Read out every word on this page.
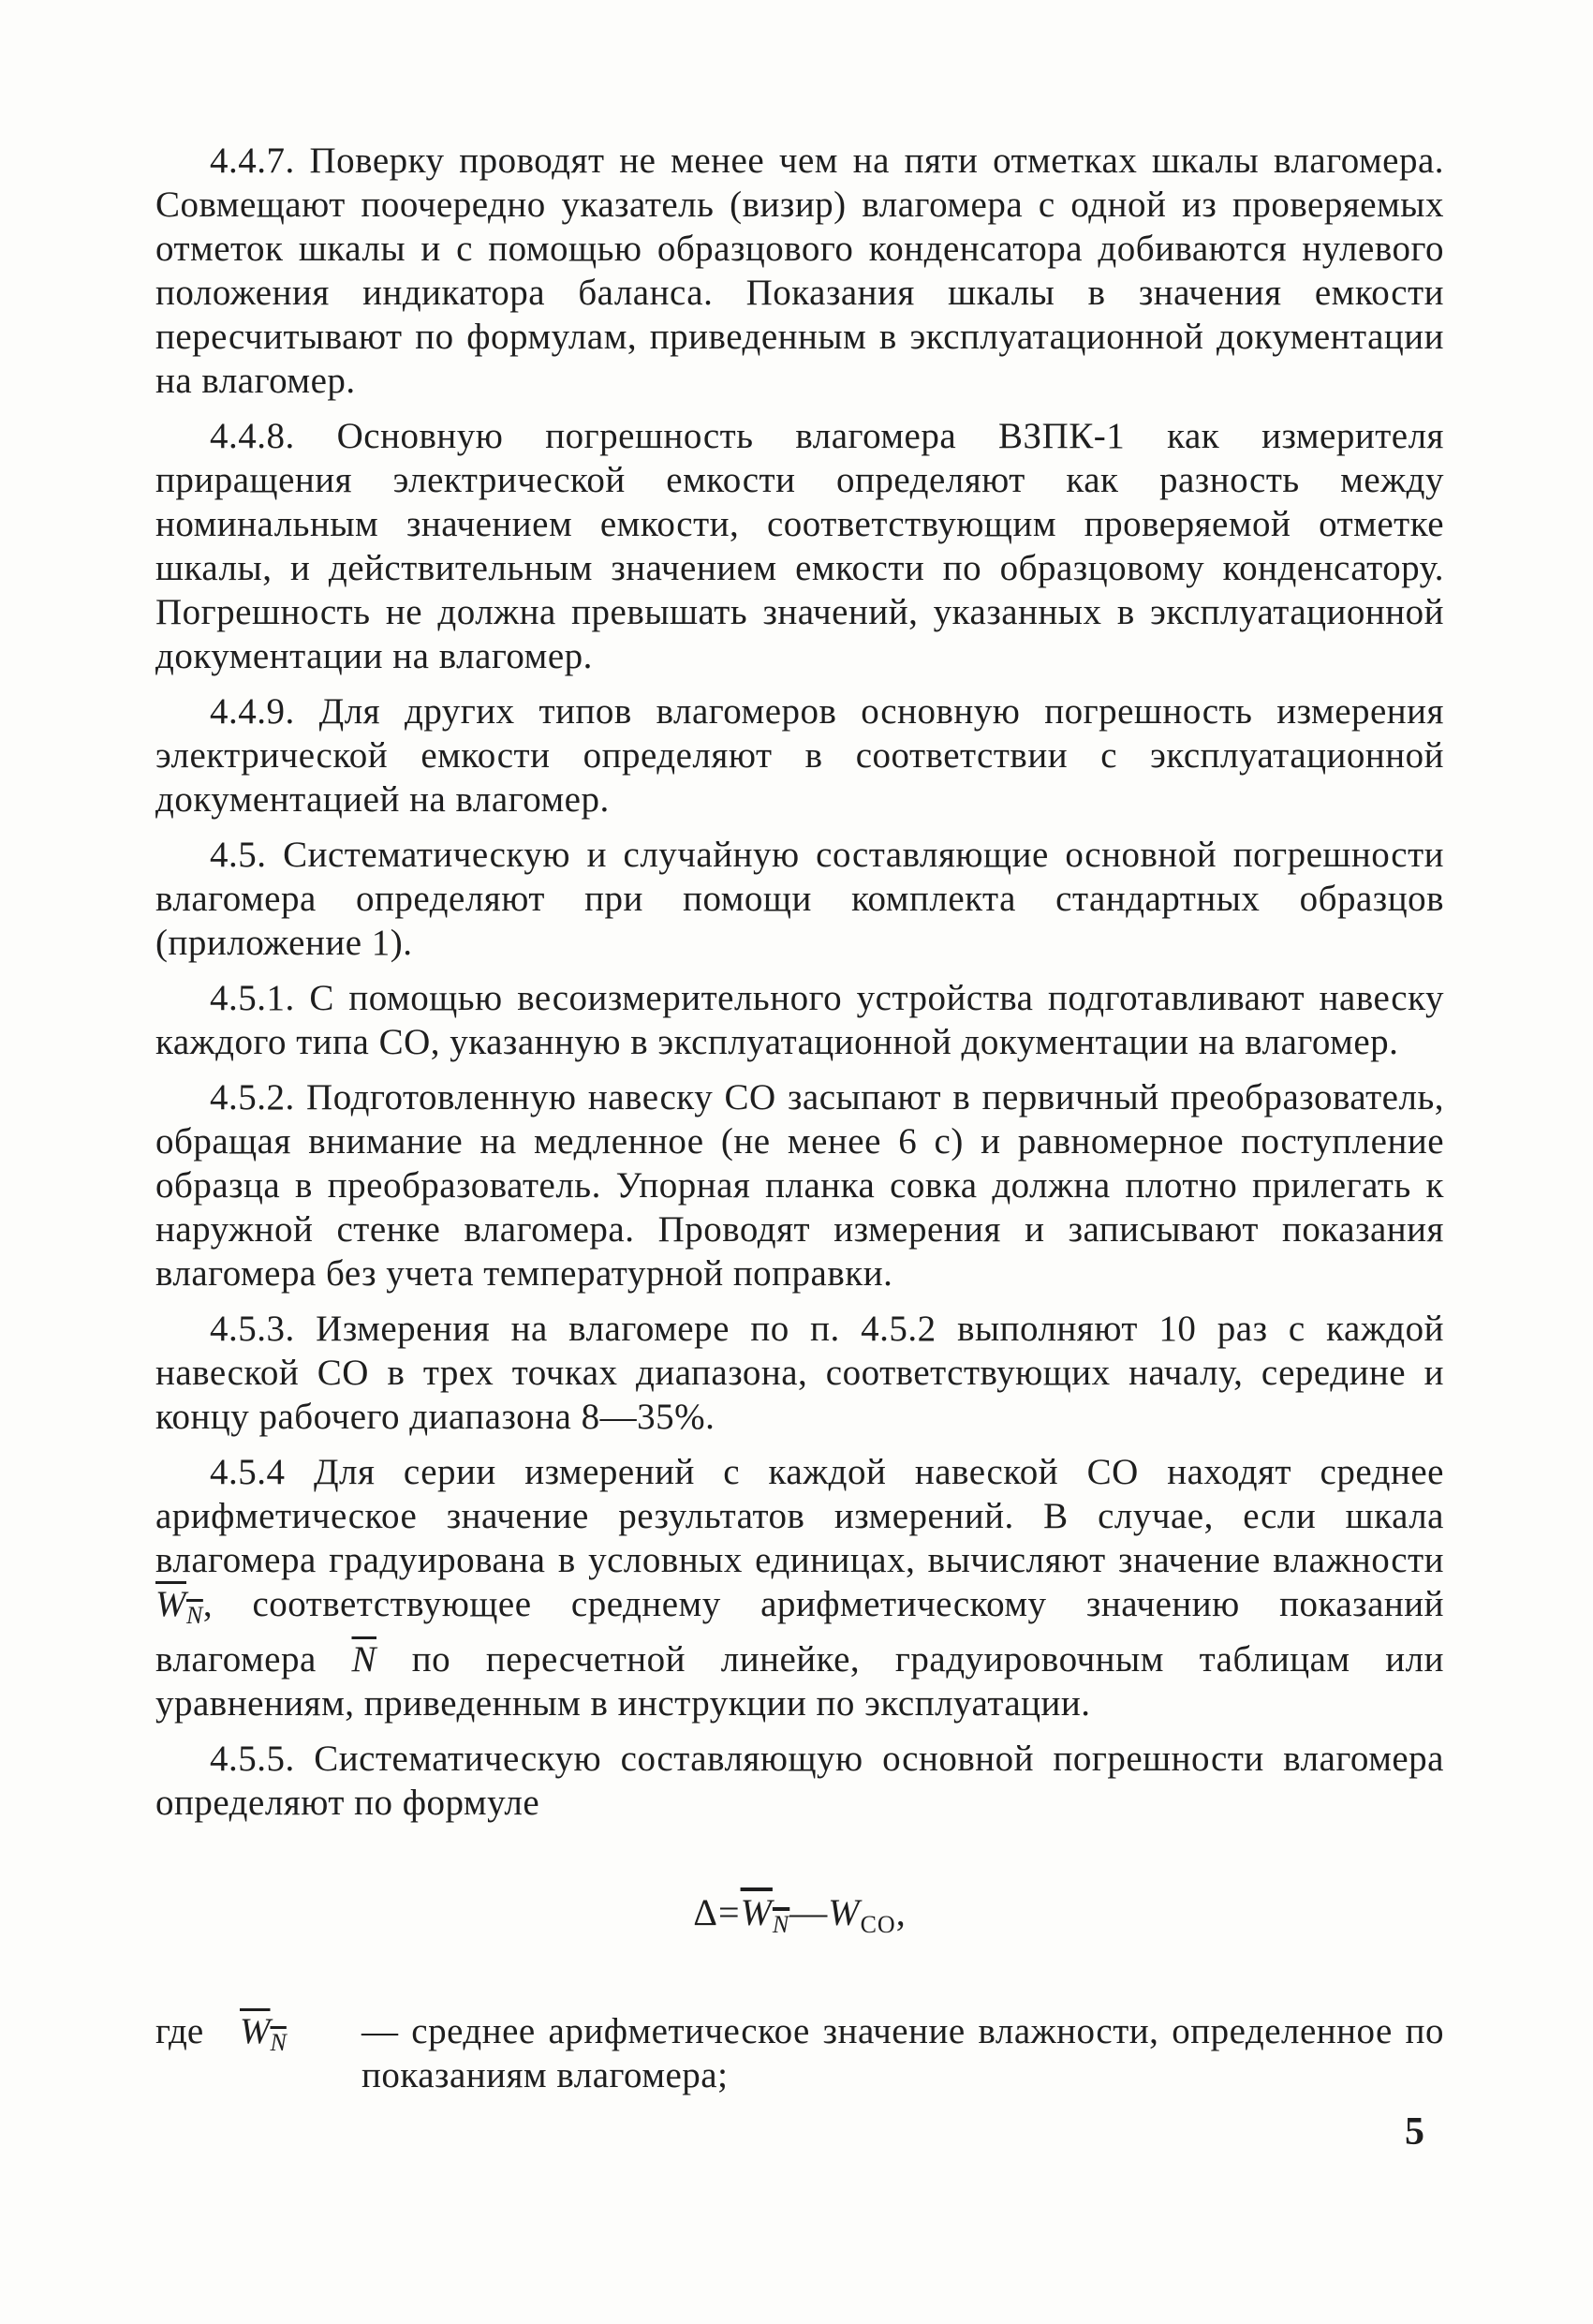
4.4.7. Поверку проводят не менее чем на пяти отметках шкалы влагомера. Совмещают поочередно указатель (визир) влагомера с одной из проверяемых отметок шкалы и с помощью образцового конденсатора добиваются нулевого положения индикатора баланса. Показания шкалы в значения емкости пересчитывают по формулам, приведенным в эксплуатационной документации на влагомер.

4.4.8. Основную погрешность влагомера ВЗПК-1 как измерителя приращения электрической емкости определяют как разность между номинальным значением емкости, соответствующим проверяемой отметке шкалы, и действительным значением емкости по образцовому конденсатору. Погрешность не должна превышать значений, указанных в эксплуатационной документации на влагомер.

4.4.9. Для других типов влагомеров основную погрешность измерения электрической емкости определяют в соответствии с эксплуатационной документацией на влагомер.

4.5. Систематическую и случайную составляющие основной погрешности влагомера определяют при помощи комплекта стандартных образцов (приложение 1).

4.5.1. С помощью весоизмерительного устройства подготавливают навеску каждого типа СО, указанную в эксплуатационной документации на влагомер.

4.5.2. Подготовленную навеску СО засыпают в первичный преобразователь, обращая внимание на медленное (не менее 6 с) и равномерное поступление образца в преобразователь. Упорная планка совка должна плотно прилегать к наружной стенке влагомера. Проводят измерения и записывают показания влагомера без учета температурной поправки.

4.5.3. Измерения на влагомере по п. 4.5.2 выполняют 10 раз с каждой навеской СО в трех точках диапазона, соответствующих началу, середине и концу рабочего диапазона 8—35%.

4.5.4 Для серии измерений с каждой навеской СО находят среднее арифметическое значение результатов измерений. В случае, если шкала влагомера градуирована в условных единицах, вычисляют значение влажности $W_N$, соответствующее среднему арифметическому значению показаний влагомера $\overline{N}$ по пересчетной линейке, градуировочным таблицам или уравнениям, приведенным в инструкции по эксплуатации.

4.5.5. Систематическую составляющую основной погрешности влагомера определяют по формуле

$\Delta=W_N—W_{СО}$,
где $W_N$	— среднее арифметическое значение влажности, определенное по показаниям влагомера;
5
